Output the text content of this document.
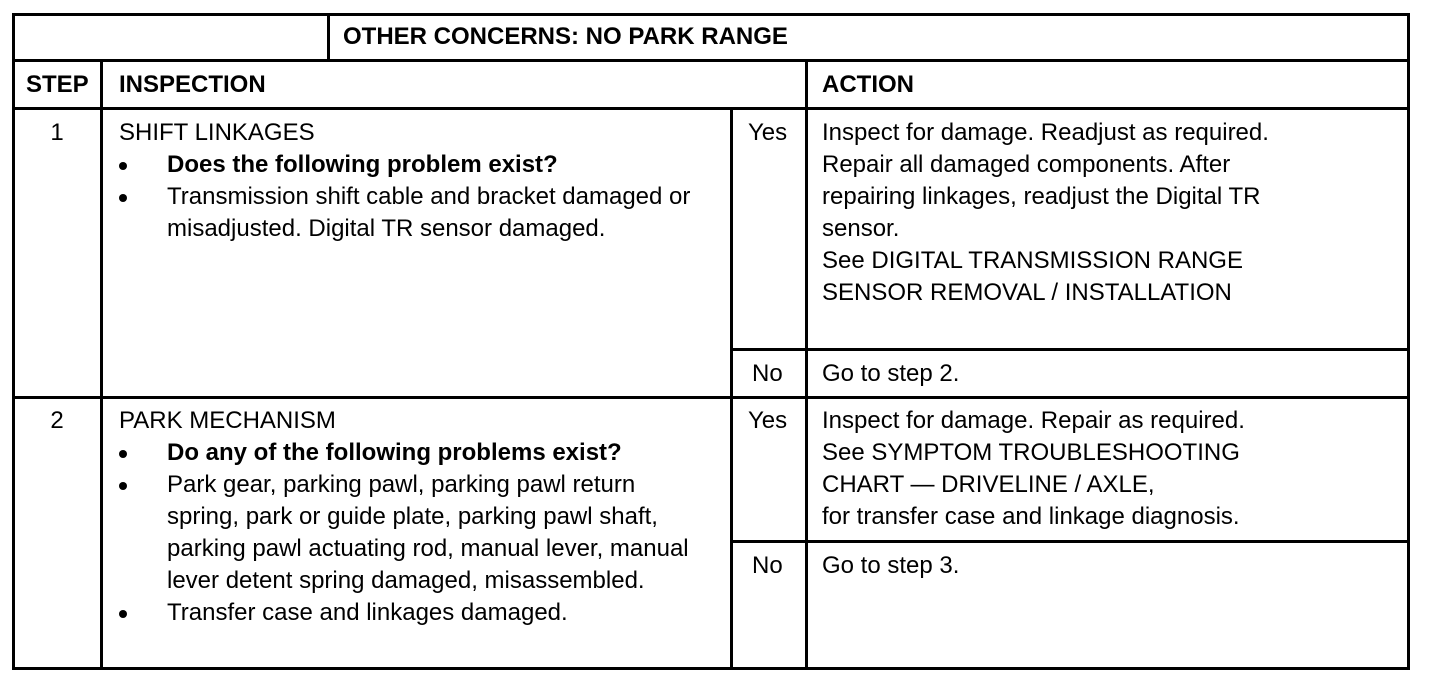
OTHER CONCERNS: NO PARK RANGE
STEP INSPECTION	ACTION
1	SHIFT LINKAGES
Does the following problem exist?
Transmission shift cable and bracket damaged or misadjusted. Digital TR sensor damaged.
Yes Inspect for damage. Readjust as required.
Repair all damaged components. After
repairing linkages, readjust the Digital TR
sensor.
See DIGITAL TRANSMISSION RANGE
SENSOR REMOVAL / INSTALLATION
No Go to step 2.
2	PARK MECHANISM
Do any of the following problems exist?
Park gear, parking pawl, parking pawl return spring, park or guide plate, parking pawl shaft, parking pawl actuating rod, manual lever, manual lever detent spring damaged, misassembled.
Transfer case and linkages damaged.
Yes Inspect for damage. Repair as required.
See SYMPTOM TROUBLESHOOTING
CHART — DRIVELINE / AXLE,
for transfer case and linkage diagnosis.
No Go to step 3.
